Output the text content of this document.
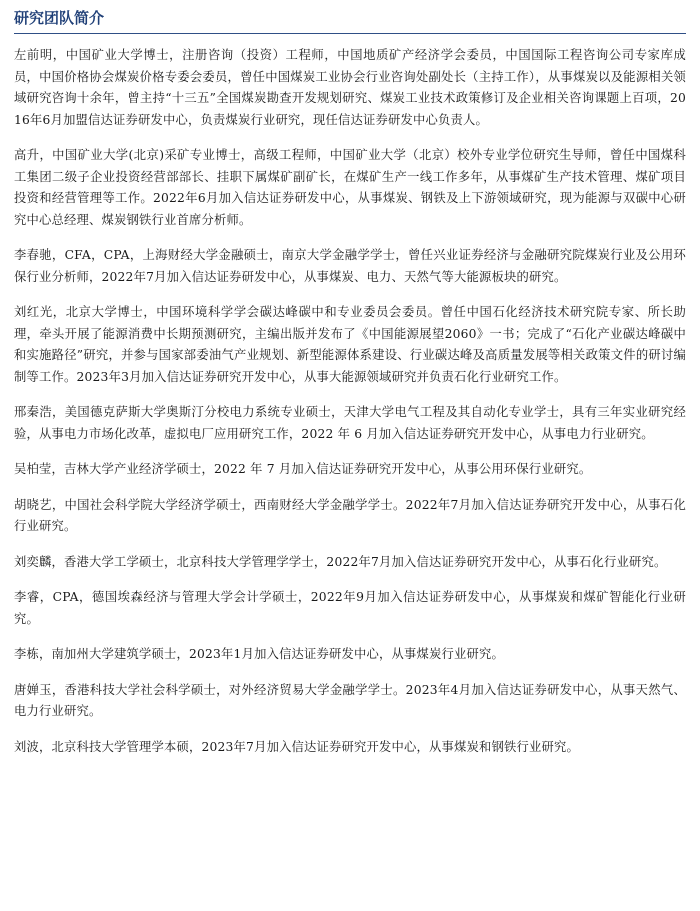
研究团队简介

左前明，中国矿业大学博士，注册咨询（投资）工程师，中国地质矿产经济学会委员，中国国际工程咨询公司专家库成员，中国价格协会煤炭价格专委会委员，曾任中国煤炭工业协会行业咨询处副处长（主持工作），从事煤炭以及能源相关领域研究咨询十余年，曾主持“十三五”全国煤炭勘查开发规划研究、煤炭工业技术政策修订及企业相关咨询课题上百项，2016年6月加盟信达证券研发中心，负责煤炭行业研究，现任信达证券研发中心负责人。

高升，中国矿业大学(北京)采矿专业博士，高级工程师，中国矿业大学（北京）校外专业学位研究生导师，曾任中国煤科工集团二级子企业投资经营部部长、挂职下属煤矿副矿长，在煤矿生产一线工作多年，从事煤矿生产技术管理、煤矿项目投资和经营管理等工作。2022年6月加入信达证券研发中心，从事煤炭、钢铁及上下游领域研究，现为能源与双碳中心研究中心总经理、煤炭钢铁行业首席分析师。

李春驰，CFA，CPA，上海财经大学金融硕士，南京大学金融学学士，曾任兴业证券经济与金融研究院煤炭行业及公用环保行业分析师，2022年7月加入信达证券研发中心，从事煤炭、电力、天然气等大能源板块的研究。

刘红光，北京大学博士，中国环境科学学会碳达峰碳中和专业委员会委员。曾任中国石化经济技术研究院专家、所长助理，牵头开展了能源消费中长期预测研究，主编出版并发布了《中国能源展望2060》一书；完成了“石化产业碳达峰碳中和实施路径”研究，并参与国家部委油气产业规划、新型能源体系建设、行业碳达峰及高质量发展等相关政策文件的研讨编制等工作。2023年3月加入信达证券研究开发中心，从事大能源领域研究并负责石化行业研究工作。

邢秦浩，美国德克萨斯大学奥斯汀分校电力系统专业硕士，天津大学电气工程及其自动化专业学士，具有三年实业研究经验，从事电力市场化改革，虚拟电厂应用研究工作，2022 年 6 月加入信达证券研究开发中心，从事电力行业研究。

吴柏莹，吉林大学产业经济学硕士，2022 年 7 月加入信达证券研究开发中心，从事公用环保行业研究。

胡晓艺，中国社会科学院大学经济学硕士，西南财经大学金融学学士。2022年7月加入信达证券研究开发中心，从事石化行业研究。

刘奕麟，香港大学工学硕士，北京科技大学管理学学士，2022年7月加入信达证券研究开发中心，从事石化行业研究。

李睿，CPA，德国埃森经济与管理大学会计学硕士，2022年9月加入信达证券研发中心，从事煤炭和煤矿智能化行业研究。

李栋，南加州大学建筑学硕士，2023年1月加入信达证券研发中心，从事煤炭行业研究。

唐婵玉，香港科技大学社会科学硕士，对外经济贸易大学金融学学士。2023年4月加入信达证券研发中心，从事天然气、电力行业研究。

刘波，北京科技大学管理学本硕，2023年7月加入信达证券研究开发中心，从事煤炭和钢铁行业研究。
